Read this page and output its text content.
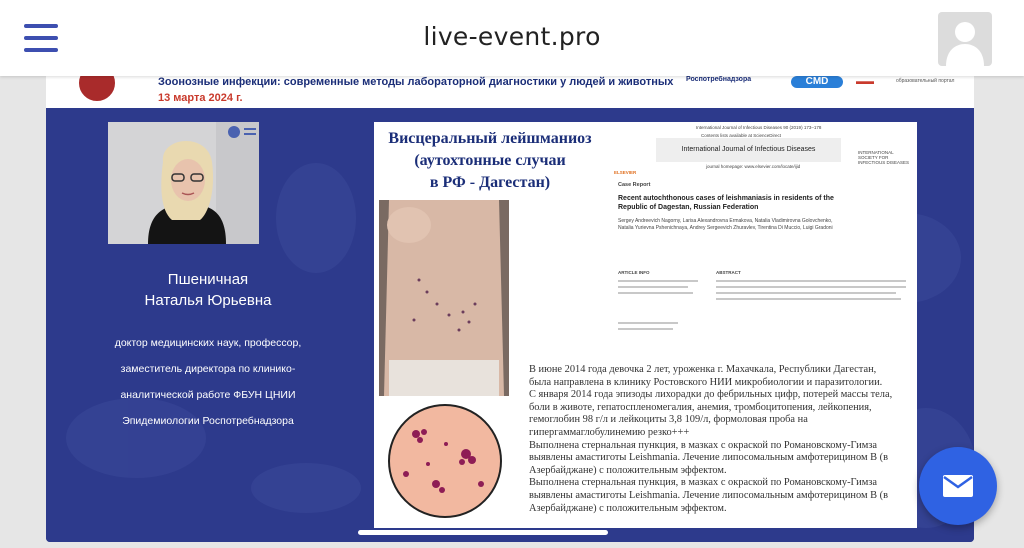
live-event.pro
Зоонозные инфекции: современные методы лабораторной диагностики у людей и животных
13 марта 2024 г.
Роспотребнадзора	CMD	▬▬	образовательный портал
Пшеничная
Наталья Юрьевна
доктор медицинских наук, профессор,
заместитель директора по клинико-
аналитической работе ФБУН ЦНИИ
Эпидемиологии Роспотребнадзора
Висцеральный лейшманиоз
(аутохтонные случаи
в РФ - Дагестан)
International Journal of Infectious Diseases 90 (2019) 173–178
Contents lists available at ScienceDirect
International Journal of Infectious Diseases
journal homepage: www.elsevier.com/locate/ijid
ELSEVIER
INTERNATIONAL SOCIETY FOR INFECTIOUS DISEASES
Case Report
Recent autochthonous cases of leishmaniasis in residents of the Republic of Dagestan, Russian Federation
Sergey Andreevich Nagorny, Larisa Alexandrovna Ermakova, Natalia Vladimirovna Golovchenko, Natalia Yurievna Pshenichnaya, Andrey Sergeevich Zhuravlev, Tirentina Di Muccio, Luigi Gradoni
ARTICLE INFO	ABSTRACT
В июне 2014 года девочка 2 лет, уроженка г. Махачкала, Республики Дагестан,
была направлена в клинику Ростовского НИИ микробиологии и паразитологии.
С января 2014 года эпизоды лихорадки до фебрильных цифр, потерей массы тела,
боли в животе, гепатоспленомегалия, анемия, тромбоцитопения, лейкопения,
гемоглобин 98 г/л и лейкоциты 3,8 109/л, формоловая проба на
гипергаммаглобулинемию резко+++
Выполнена стернальная пункция, в мазках с окраской по Романовскому-Гимза
выявлены амастиготы Leishmania. Лечение липосомальным амфотерицином В (в
Азербайджане) с положительным эффектом.
Выполнена стернальная пункция, в мазках с окраской по Романовскому-Гимза
выявлены амастиготы Leishmania. Лечение липосомальным амфотерицином В (в
Азербайджане) с положительным эффектом.
